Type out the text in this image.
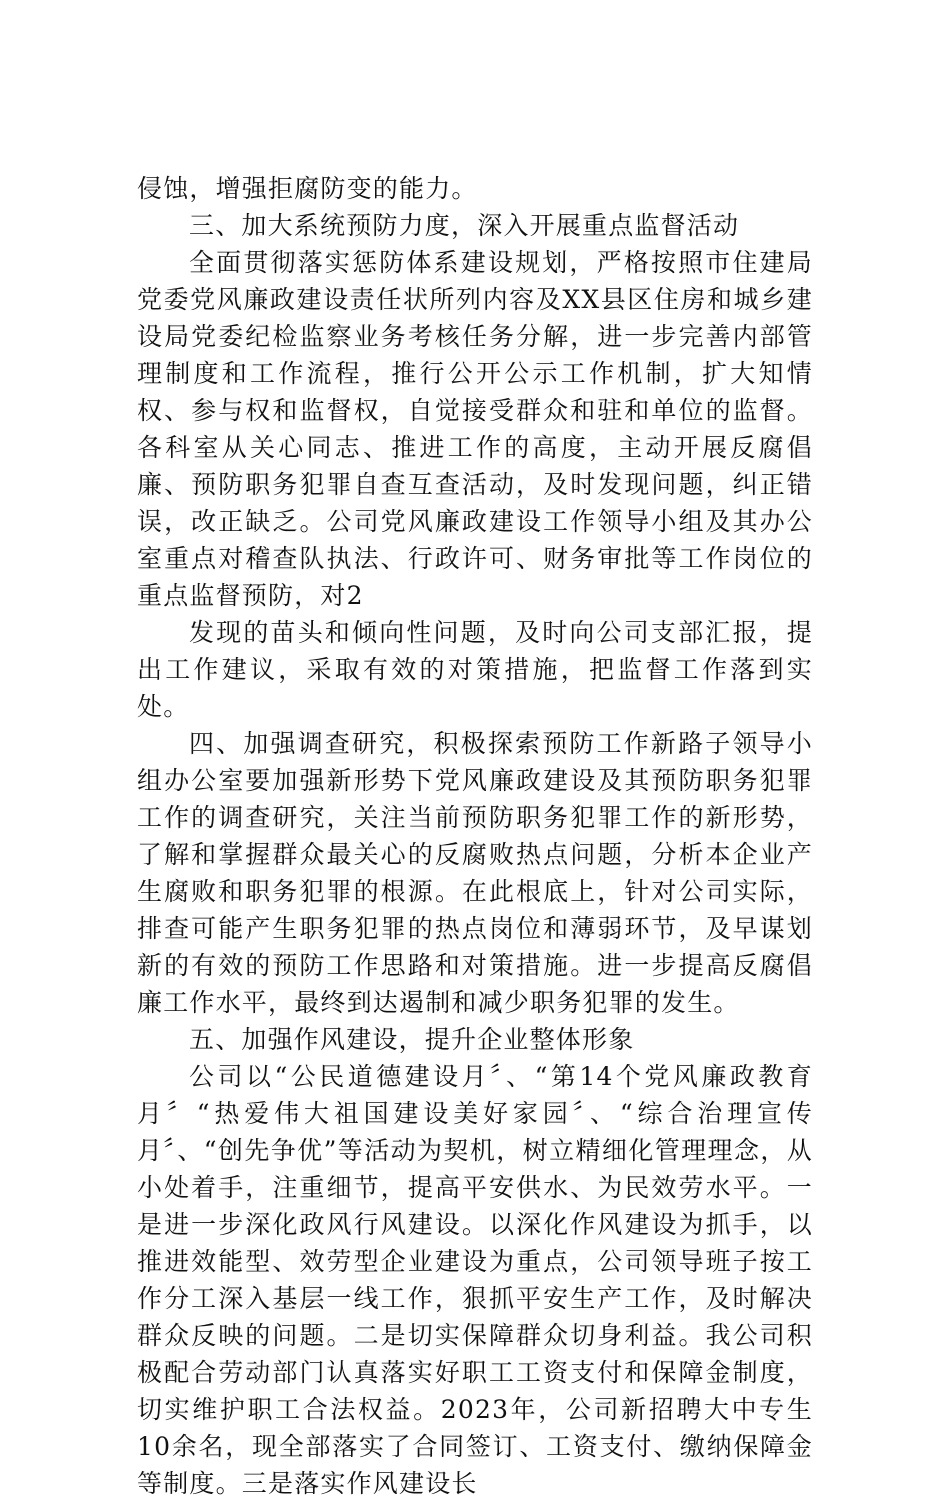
侵蚀，增强拒腐防变的能力。

三、加大系统预防力度，深入开展重点监督活动

全面贯彻落实惩防体系建设规划，严格按照市住建局党委党风廉政建设责任状所列内容及XX县区住房和城乡建设局党委纪检监察业务考核任务分解，进一步完善内部管理制度和工作流程，推行公开公示工作机制，扩大知情权、参与权和监督权，自觉接受群众和驻和单位的监督。各科室从关心同志、推进工作的高度，主动开展反腐倡廉、预防职务犯罪自查互查活动，及时发现问题，纠正错误，改正缺乏。公司党风廉政建设工作领导小组及其办公室重点对稽查队执法、行政许可、财务审批等工作岗位的重点监督预防，对2

发现的苗头和倾向性问题，及时向公司支部汇报，提出工作建议，采取有效的对策措施，把监督工作落到实处。

四、加强调查研究，积极探索预防工作新路子领导小组办公室要加强新形势下党风廉政建设及其预防职务犯罪工作的调查研究，关注当前预防职务犯罪工作的新形势，了解和掌握群众最关心的反腐败热点问题，分析本企业产生腐败和职务犯罪的根源。在此根底上，针对公司实际，排查可能产生职务犯罪的热点岗位和薄弱环节，及早谋划新的有效的预防工作思路和对策措施。进一步提高反腐倡廉工作水平，最终到达遏制和减少职务犯罪的发生。

五、加强作风建设，提升企业整体形象

公司以“公民道德建设月〞、“第14个党风廉政教育月〞“热爱伟大祖国建设美好家园〞、“综合治理宣传月〞、“创先争优”等活动为契机，树立精细化管理理念，从小处着手，注重细节，提高平安供水、为民效劳水平。一是进一步深化政风行风建设。以深化作风建设为抓手，以推进效能型、效劳型企业建设为重点，公司领导班子按工作分工深入基层一线工作，狠抓平安生产工作，及时解决群众反映的问题。二是切实保障群众切身利益。我公司积极配合劳动部门认真落实好职工工资支付和保障金制度，切实维护职工合法权益。2023年，公司新招聘大中专生10余名，现全部落实了合同签订、工资支付、缴纳保障金等制度。三是落实作风建设长
